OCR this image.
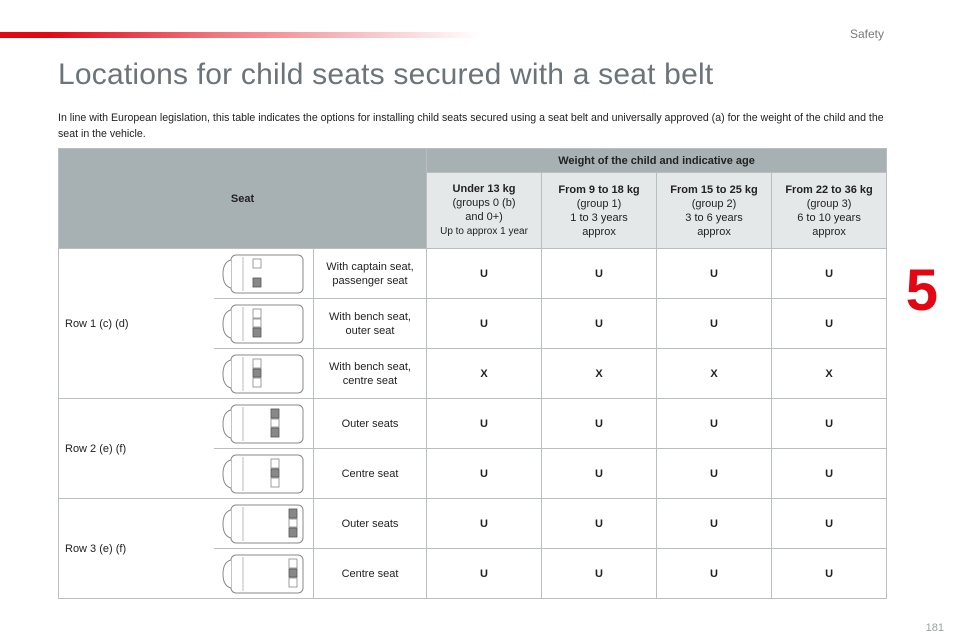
Safety
5
Locations for child seats secured with a seat belt

In line with European legislation, this table indicates the options for installing child seats secured using a seat belt and universally approved (a) for the weight of the child and the seat in the vehicle.

Seat			Weight of the child and indicative age			

			Under 13 kg
(groups 0 (b)
and 0+)
Up to approx 1 year	From 9 to 18 kg
(group 1)
1 to 3 years
approx	From 15 to 25 kg
(group 2)
3 to 6 years
approx	From 22 to 36 kg
(group 3)
6 to 10 years
approx
Row 1 (c) (d)		With captain seat,
passenger seat	U	U	U	U

	With bench seat,
outer seat	U	U	U	U

	With bench seat,
centre seat	X	X	X	X
Row 2 (e) (f)		Outer seats	U	U	U	U

	Centre seat	U	U	U	U
Row 3 (e) (f)		Outer seats	U	U	U	U

	Centre seat	U	U	U	U
181
